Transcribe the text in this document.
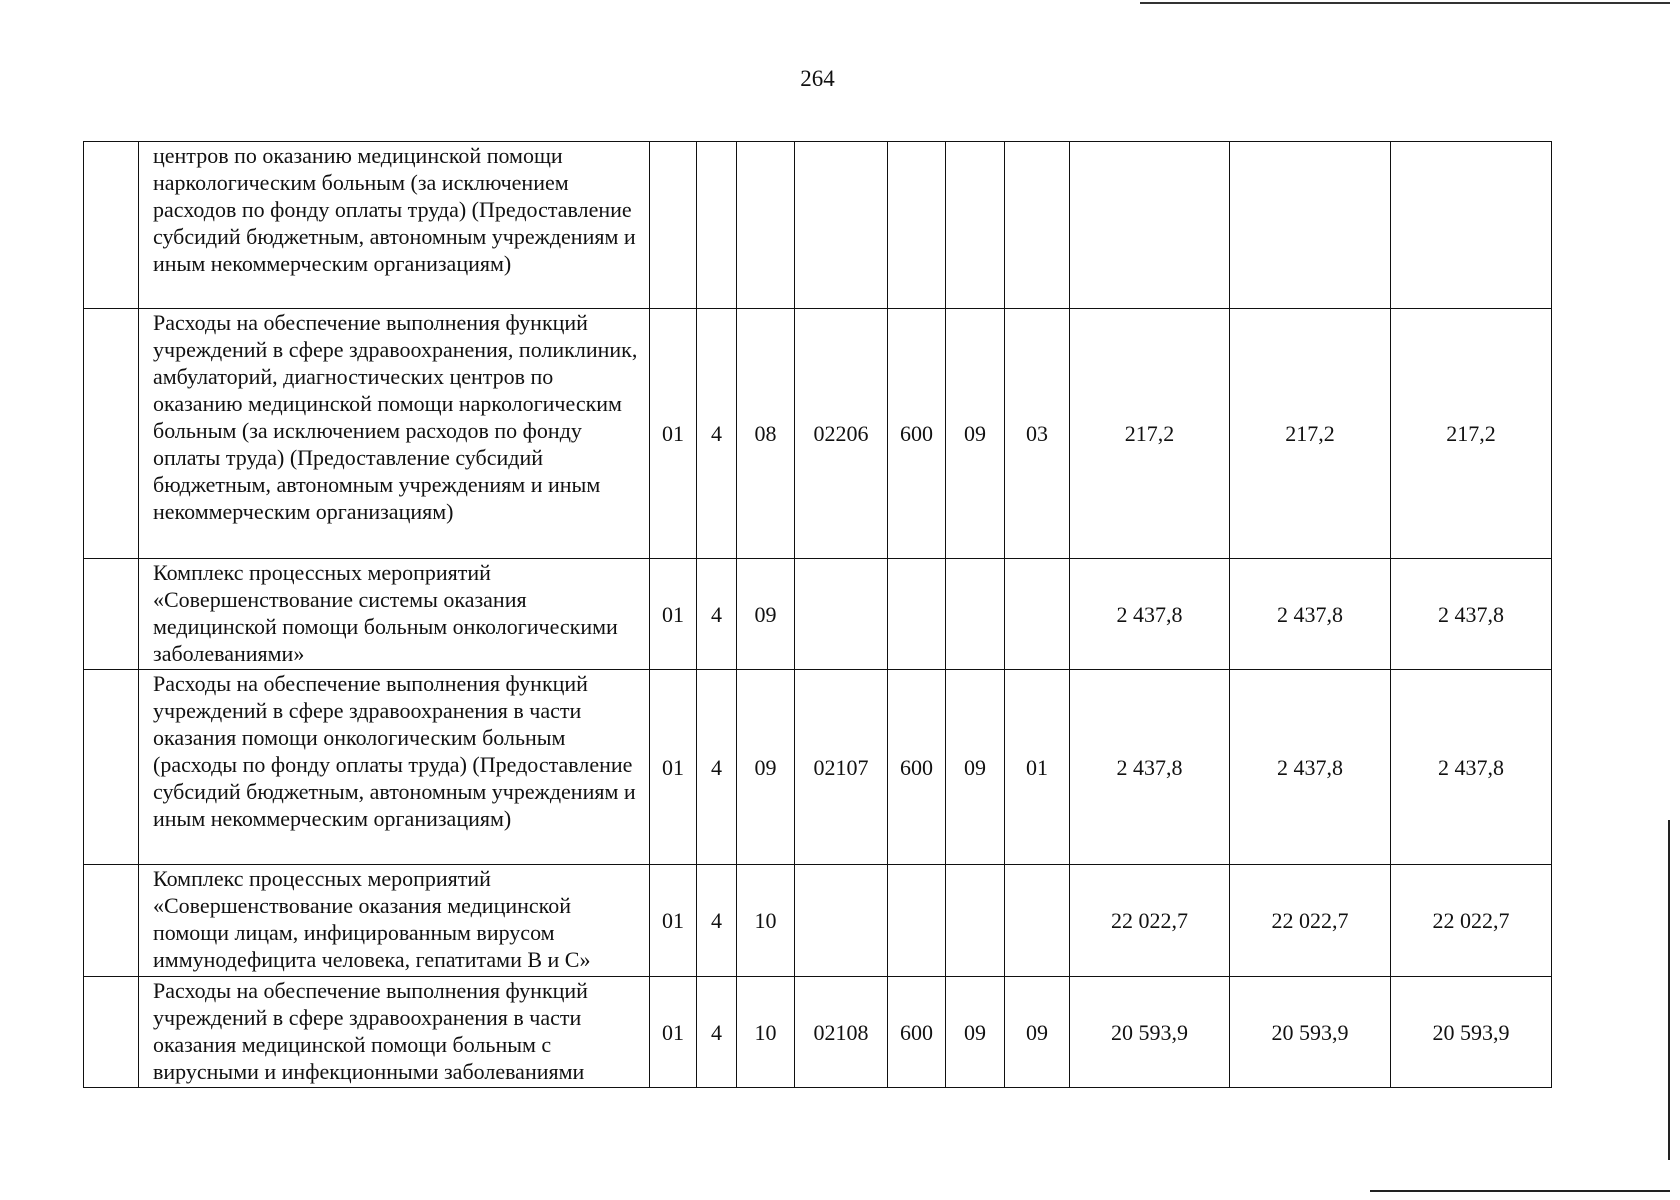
264
	центров по оказанию медицинской помощи наркологическим больным (за исключением расходов по фонду оплаты труда) (Предоставление субсидий бюджетным, автономным учреждениям и иным некоммерческим организациям)										
	Расходы на обеспечение выполнения функций учреждений в сфере здравоохранения, поликлиник, амбулаторий, диагностических центров по оказанию медицинской помощи наркологическим больным (за исключением расходов по фонду оплаты труда) (Предоставление субсидий бюджетным, автономным учреждениям и иным некоммерческим организациям)	01	4	08	02206	600	09	03	217,2	217,2	217,2
	Комплекс процессных мероприятий «Совершенствование системы оказания медицинской помощи больным онкологическими заболеваниями»	01	4	09					2 437,8	2 437,8	2 437,8
	Расходы на обеспечение выполнения функций учреждений в сфере здравоохранения в части оказания помощи онкологическим больным (расходы по фонду оплаты труда) (Предоставление субсидий бюджетным, автономным учреждениям и иным некоммерческим организациям)	01	4	09	02107	600	09	01	2 437,8	2 437,8	2 437,8
	Комплекс процессных мероприятий «Совершенствование оказания медицинской помощи лицам, инфицированным вирусом иммунодефицита человека, гепатитами В и С»	01	4	10					22 022,7	22 022,7	22 022,7
	Расходы на обеспечение выполнения функций учреждений в сфере здравоохранения в части оказания медицинской помощи больным с вирусными и инфекционными заболеваниями	01	4	10	02108	600	09	09	20 593,9	20 593,9	20 593,9
